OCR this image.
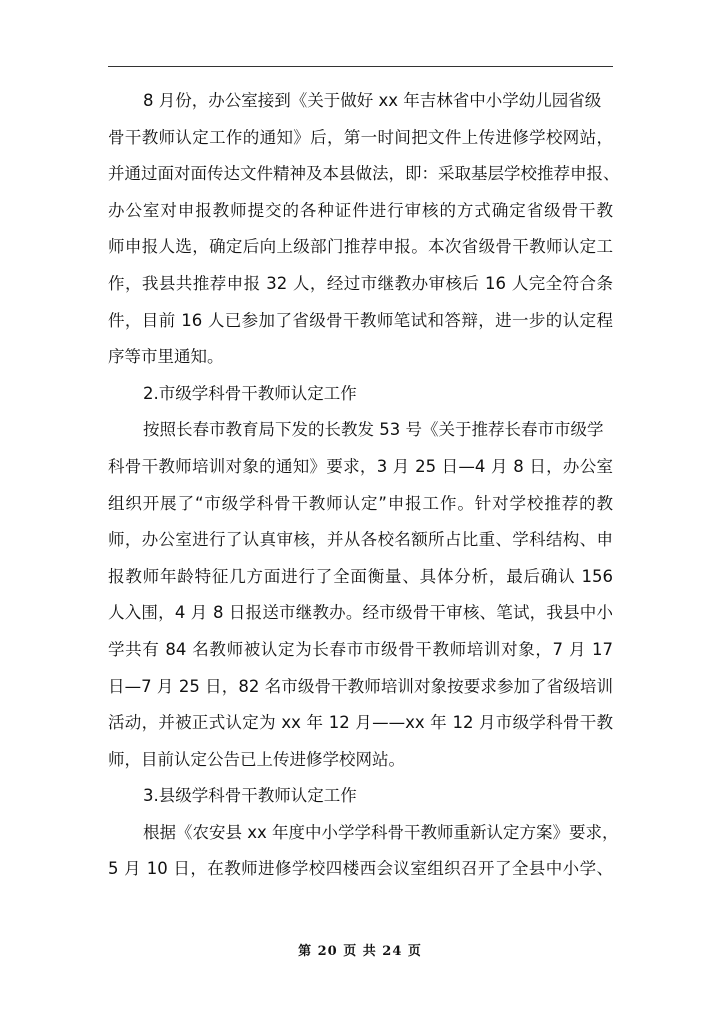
8 月份，办公室接到《关于做好 xx 年吉林省中小学幼儿园省级
骨干教师认定工作的通知》后，第一时间把文件上传进修学校网站，
并通过面对面传达文件精神及本县做法，即：采取基层学校推荐申报、
办公室对申报教师提交的各种证件进行审核的方式确定省级骨干教
师申报人选，确定后向上级部门推荐申报。本次省级骨干教师认定工
作，我县共推荐申报 32 人，经过市继教办审核后 16 人完全符合条
件，目前 16 人已参加了省级骨干教师笔试和答辩，进一步的认定程
序等市里通知。
2.市级学科骨干教师认定工作
按照长春市教育局下发的长教发 53 号《关于推荐长春市市级学
科骨干教师培训对象的通知》要求，3 月 25 日—4 月 8 日，办公室
组织开展了“市级学科骨干教师认定”申报工作。针对学校推荐的教
师，办公室进行了认真审核，并从各校名额所占比重、学科结构、申
报教师年龄特征几方面进行了全面衡量、具体分析，最后确认 156
人入围，4 月 8 日报送市继教办。经市级骨干审核、笔试，我县中小
学共有 84 名教师被认定为长春市市级骨干教师培训对象，7 月 17
日—7 月 25 日，82 名市级骨干教师培训对象按要求参加了省级培训
活动，并被正式认定为 xx 年 12 月——xx 年 12 月市级学科骨干教
师，目前认定公告已上传进修学校网站。
3.县级学科骨干教师认定工作
根据《农安县 xx 年度中小学学科骨干教师重新认定方案》要求，
5 月 10 日，在教师进修学校四楼西会议室组织召开了全县中小学、
第 20 页 共 24 页
